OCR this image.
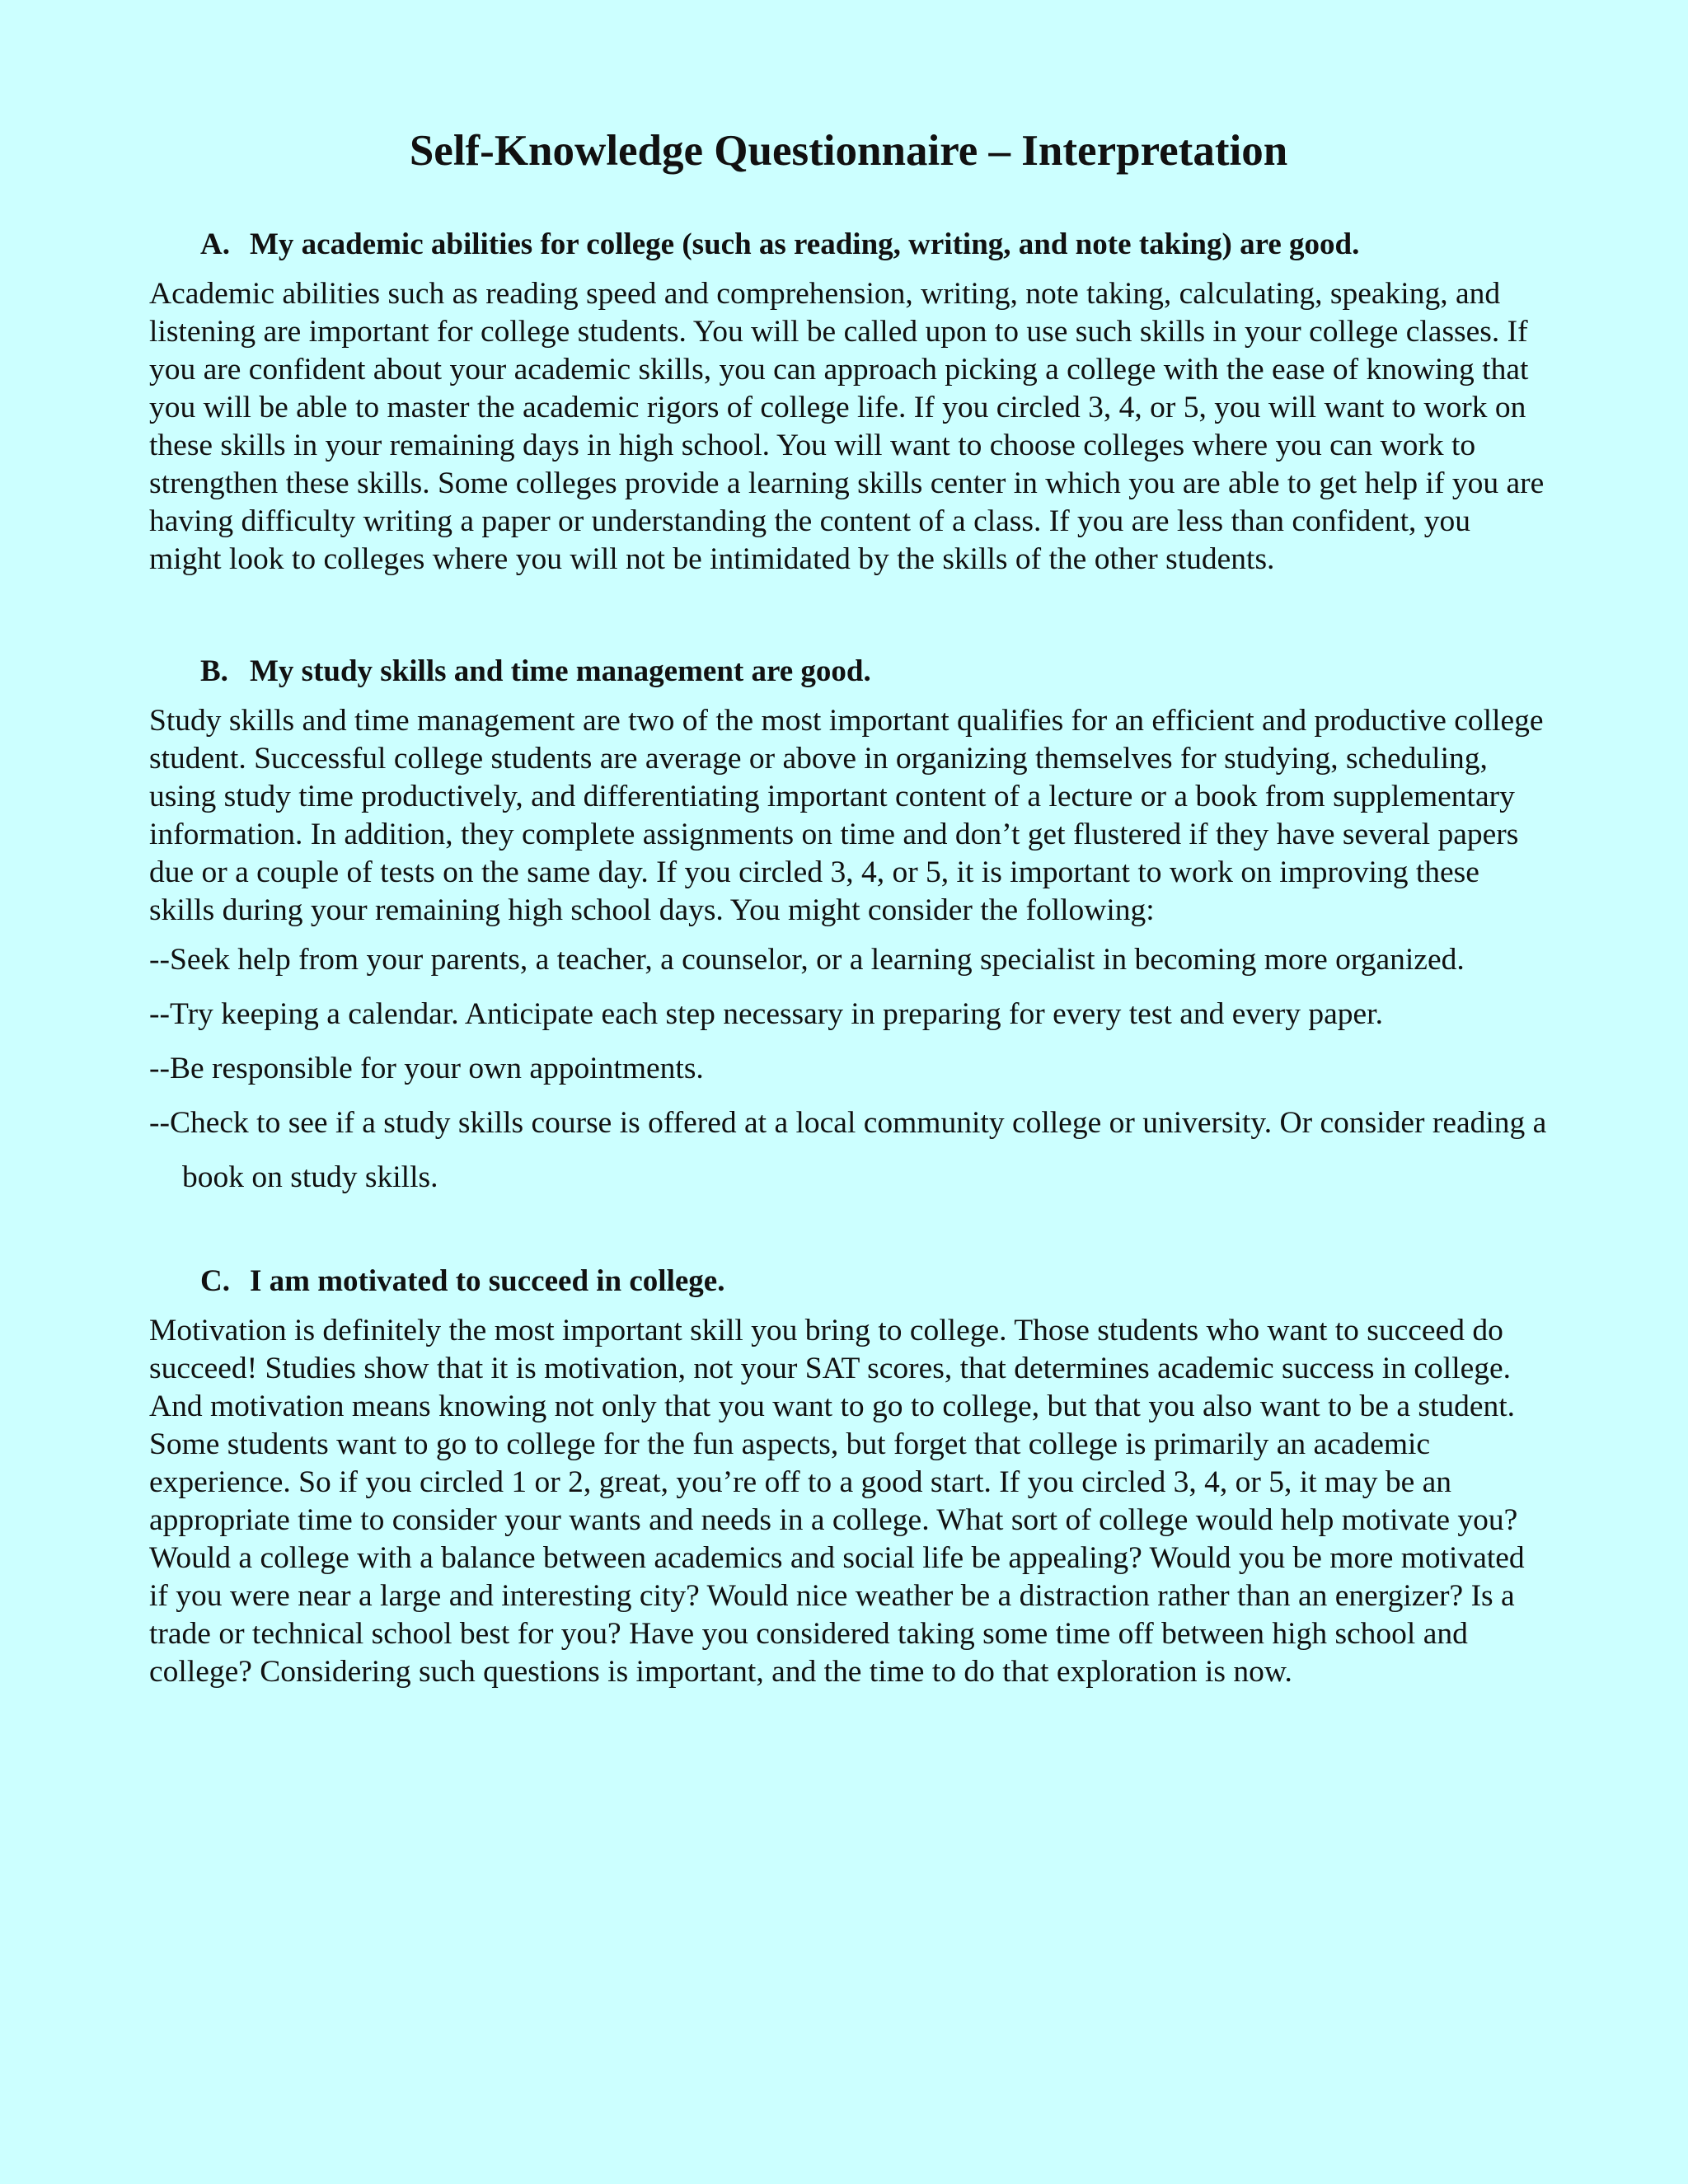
Self-Knowledge Questionnaire – Interpretation
A. My academic abilities for college (such as reading, writing, and note taking) are good.

Academic abilities such as reading speed and comprehension, writing, note taking, calculating, speaking, and listening are important for college students. You will be called upon to use such skills in your college classes. If you are confident about your academic skills, you can approach picking a college with the ease of knowing that you will be able to master the academic rigors of college life. If you circled 3, 4, or 5, you will want to work on these skills in your remaining days in high school. You will want to choose colleges where you can work to strengthen these skills. Some colleges provide a learning skills center in which you are able to get help if you are having difficulty writing a paper or understanding the content of a class. If you are less than confident, you might look to colleges where you will not be intimidated by the skills of the other students.

B. My study skills and time management are good.

Study skills and time management are two of the most important qualifies for an efficient and productive college student. Successful college students are average or above in organizing themselves for studying, scheduling, using study time productively, and differentiating important content of a lecture or a book from supplementary information. In addition, they complete assignments on time and don’t get flustered if they have several papers due or a couple of tests on the same day. If you circled 3, 4, or 5, it is important to work on improving these skills during your remaining high school days. You might consider the following:

--Seek help from your parents, a teacher, a counselor, or a learning specialist in becoming more organized.

--Try keeping a calendar. Anticipate each step necessary in preparing for every test and every paper.

--Be responsible for your own appointments.

--Check to see if a study skills course is offered at a local community college or university. Or consider reading a book on study skills.

C. I am motivated to succeed in college.

Motivation is definitely the most important skill you bring to college. Those students who want to succeed do succeed! Studies show that it is motivation, not your SAT scores, that determines academic success in college. And motivation means knowing not only that you want to go to college, but that you also want to be a student. Some students want to go to college for the fun aspects, but forget that college is primarily an academic experience. So if you circled 1 or 2, great, you’re off to a good start. If you circled 3, 4, or 5, it may be an appropriate time to consider your wants and needs in a college. What sort of college would help motivate you? Would a college with a balance between academics and social life be appealing? Would you be more motivated if you were near a large and interesting city? Would nice weather be a distraction rather than an energizer? Is a trade or technical school best for you? Have you considered taking some time off between high school and college? Considering such questions is important, and the time to do that exploration is now.
